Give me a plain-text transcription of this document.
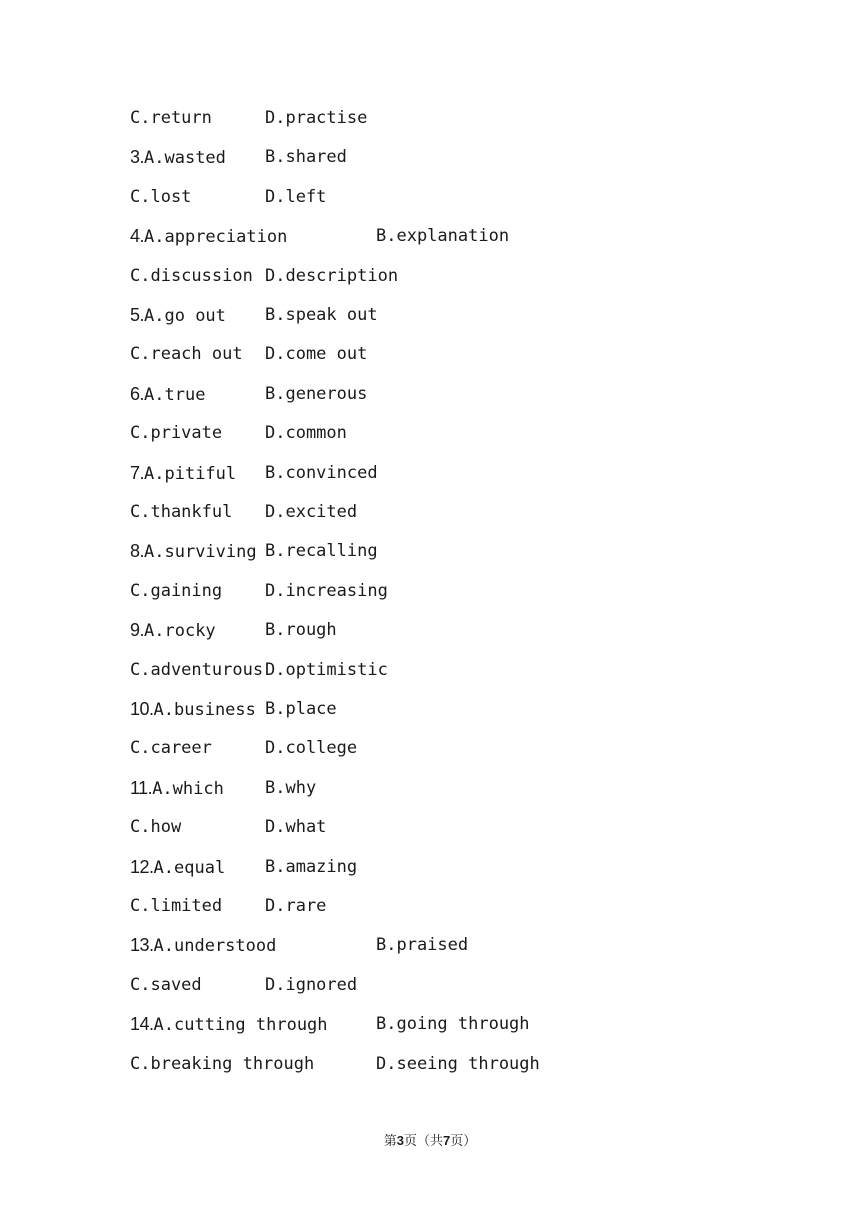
C.return	D.practise
3.A.wasted B.shared
C.lost	D.left
4.A.appreciation	B.explanation
C.discussion D.description
5.A.go out B.speak out
C.reach out D.come out
6.A.true	B.generous
C.private	D.common
7.A.pitiful B.convinced
C.thankful D.excited
8.A.surviving B.recalling
C.gaining	D.increasing
9.A.rocky	B.rough
C.adventurous D.optimistic
10.A.business B.place
C.career	D.college
11.A.which B.why
C.how	D.what
12.A.equal B.amazing
C.limited	D.rare
13.A.understood	B.praised
C.saved	D.ignored
14.A.cutting through	B.going through
C.breaking through	D.seeing through
第3页（共7页）
